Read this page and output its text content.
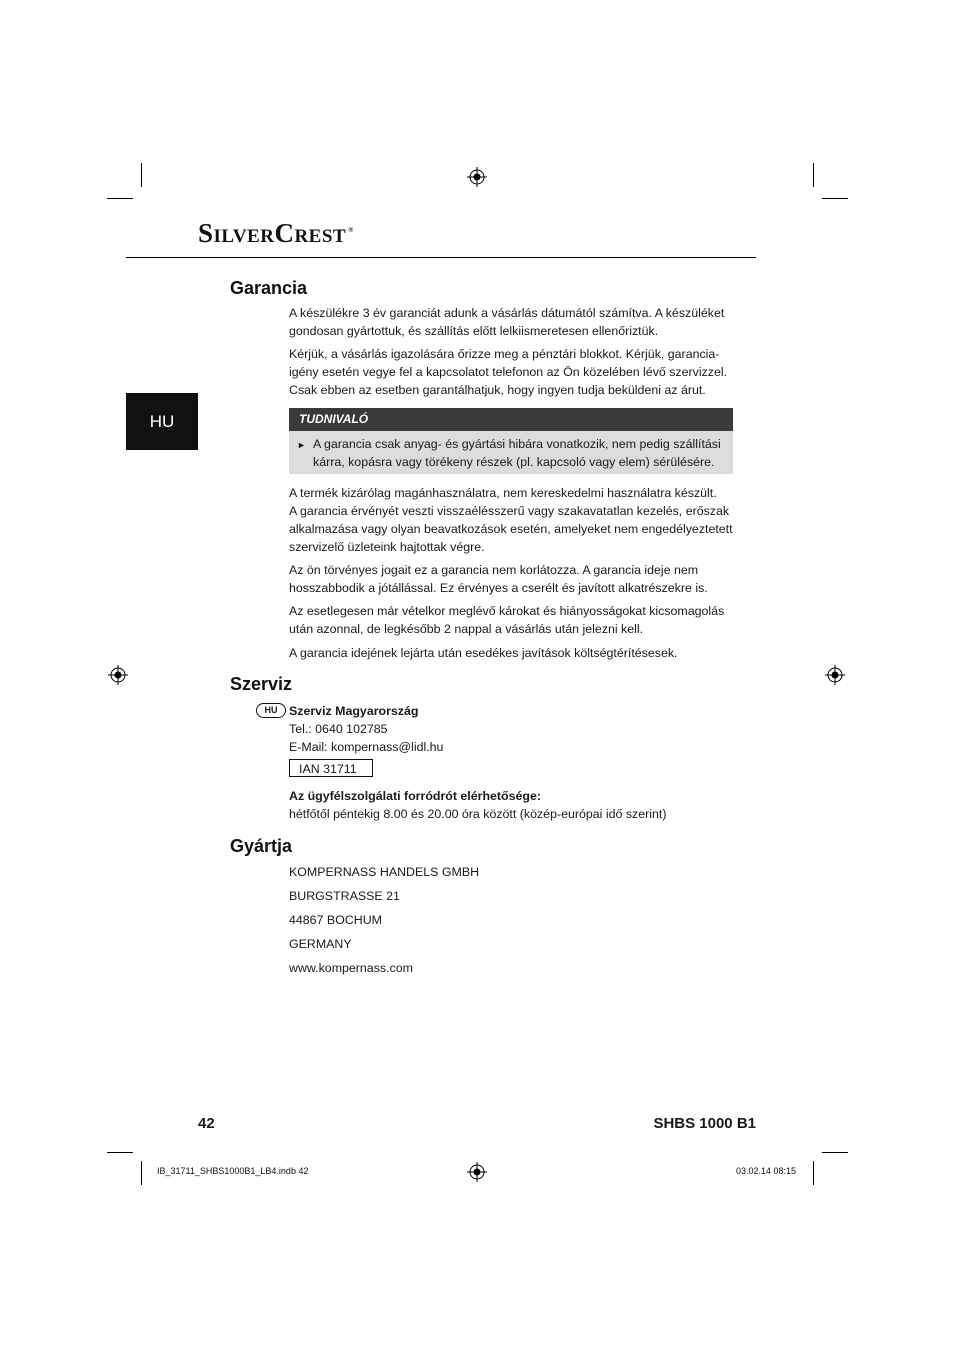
SilverCrest ®
HU
Garancia

A készülékre 3 év garanciát adunk a vásárlás dátumától számítva. A készüléket

gondosan gyártottuk, és szállítás előtt lelkiismeretesen ellenőriztük.

Kérjük, a vásárlás igazolására őrizze meg a pénztári blokkot. Kérjük, garancia-

igény esetén vegye fel a kapcsolatot telefonon az Ön közelében lévő szervizzel.

Csak ebben az esetben garantálhatjuk, hogy ingyen tudja beküldeni az árut.

TUDNIVALÓ
► A garancia csak anyag- és gyártási hibára vonatkozik, nem pedig szállítási
kárra, kopásra vagy törékeny részek (pl. kapcsoló vagy elem) sérülésére.

A termék kizárólag magánhasználatra, nem kereskedelmi használatra készült.

A garancia érvényét veszti visszaélésszerű vagy szakavatatlan kezelés, erőszak

alkalmazása vagy olyan beavatkozások esetén, amelyeket nem engedélyeztetett

szervizelő üzleteink hajtottak végre.

Az ön törvényes jogait ez a garancia nem korlátozza. A garancia ideje nem

hosszabbodik a jótállással. Ez érvényes a cserélt és javított alkatrészekre is.

Az esetlegesen már vételkor meglévő károkat és hiányosságokat kicsomagolás

után azonnal, de legkésőbb 2 nappal a vásárlás után jelezni kell.

A garancia idejének lejárta után esedékes javítások költségtérítésesek.

Szerviz
HU Szerviz Magyarország

Tel.: 0640 102785

E-Mail: kompernass@lidl.hu

IAN 31711

Az ügyfélszolgálati forródrót elérhetősége:

hétfőtől péntekig 8.00 és 20.00 óra között (közép-európai idő szerint)

Gyártja

KOMPERNASS HANDELS GMBH

BURGSTRASSE 21

44867 BOCHUM

GERMANY

www.kompernass.com

42	SHBS 1000 B1
IB_31711_SHBS1000B1_LB4.indb 42	03.02.14 08:15
